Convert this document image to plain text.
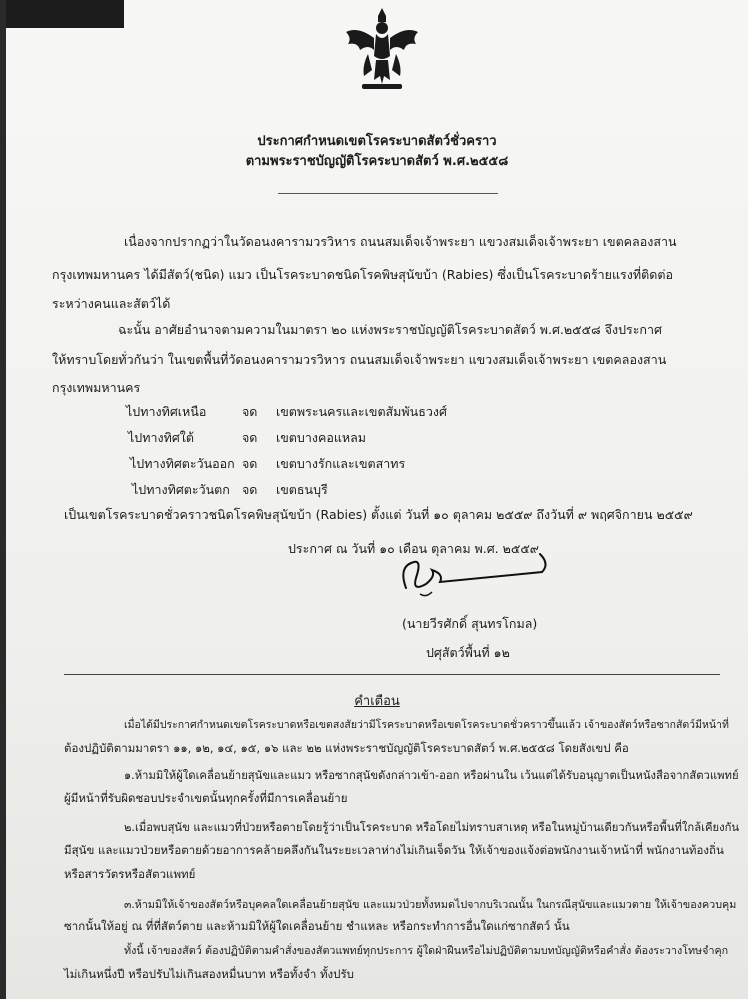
ประกาศกำหนดเขตโรคระบาดสัตว์ชั่วคราว
ตามพระราชบัญญัติโรคระบาดสัตว์ พ.ศ.๒๕๕๘
เนื่องจากปรากฏว่าในวัดอนงคารามวรวิหาร ถนนสมเด็จเจ้าพระยา แขวงสมเด็จเจ้าพระยา เขตคลองสาน
กรุงเทพมหานคร ได้มีสัตว์(ชนิด) แมว เป็นโรคระบาดชนิดโรคพิษสุนัขบ้า (Rabies) ซึ่งเป็นโรคระบาดร้ายแรงที่ติดต่อ
ระหว่างคนและสัตว์ได้
ฉะนั้น อาศัยอำนาจตามความในมาตรา ๒๐ แห่งพระราชบัญญัติโรคระบาดสัตว์ พ.ศ.๒๕๕๘ จึงประกาศ
ให้ทราบโดยทั่วกันว่า ในเขตพื้นที่วัดอนงคารามวรวิหาร ถนนสมเด็จเจ้าพระยา แขวงสมเด็จเจ้าพระยา เขตคลองสาน
กรุงเทพมหานคร
ไปทางทิศเหนือ	จด เขตพระนครและเขตสัมพันธวงศ์
ไปทางทิศใต้	จด เขตบางคอแหลม
ไปทางทิศตะวันออก จด เขตบางรักและเขตสาทร
ไปทางทิศตะวันตก จด เขตธนบุรี
เป็นเขตโรคระบาดชั่วคราวชนิดโรคพิษสุนัขบ้า (Rabies) ตั้งแต่ วันที่ ๑๐ ตุลาคม ๒๕๕๙ ถึงวันที่ ๙ พฤศจิกายน ๒๕๕๙
ประกาศ ณ วันที่ ๑๐ เดือน ตุลาคม พ.ศ. ๒๕๕๙
(นายวีรศักดิ์ สุนทรโกมล)
ปศุสัตว์พื้นที่ ๑๒
คำเตือน
เมื่อได้มีประกาศกำหนดเขตโรคระบาดหรือเขตสงสัยว่ามีโรคระบาดหรือเขตโรคระบาดชั่วคราวขึ้นแล้ว เจ้าของสัตว์หรือซากสัตว์มีหน้าที่
ต้องปฏิบัติตามมาตรา ๑๑, ๑๒, ๑๔, ๑๕, ๑๖ และ ๒๒ แห่งพระราชบัญญัติโรคระบาดสัตว์ พ.ศ.๒๕๕๘ โดยสังเขป คือ
๑.ห้ามมิให้ผู้ใดเคลื่อนย้ายสุนัขและแมว หรือซากสุนัขดังกล่าวเข้า-ออก หรือผ่านใน เว้นแต่ได้รับอนุญาตเป็นหนังสือจากสัตวแพทย์
ผู้มีหน้าที่รับผิดชอบประจำเขตนั้นทุกครั้งที่มีการเคลื่อนย้าย
๒.เมื่อพบสุนัข และแมวที่ป่วยหรือตายโดยรู้ว่าเป็นโรคระบาด หรือโดยไม่ทราบสาเหตุ หรือในหมู่บ้านเดียวกันหรือพื้นที่ใกล้เคียงกัน
มีสุนัข และแมวป่วยหรือตายด้วยอาการคล้ายคลึงกันในระยะเวลาห่างไม่เกินเจ็ดวัน ให้เจ้าของแจ้งต่อพนักงานเจ้าหน้าที่ พนักงานท้องถิ่น
หรือสารวัตรหรือสัตวแพทย์
๓.ห้ามมิให้เจ้าของสัตว์หรือบุคคลใดเคลื่อนย้ายสุนัข และแมวป่วยทั้งหมดไปจากบริเวณนั้น ในกรณีสุนัขและแมวตาย ให้เจ้าของควบคุม
ซากนั้นให้อยู่ ณ ที่ที่สัตว์ตาย และห้ามมิให้ผู้ใดเคลื่อนย้าย ชำแหละ หรือกระทำการอื่นใดแก่ซากสัตว์ นั้น
ทั้งนี้ เจ้าของสัตว์ ต้องปฏิบัติตามคำสั่งของสัตวแพทย์ทุกประการ ผู้ใดฝ่าฝืนหรือไม่ปฏิบัติตามบทบัญญัติหรือคำสั่ง ต้องระวางโทษจำคุก
ไม่เกินหนึ่งปี หรือปรับไม่เกินสองหมื่นบาท หรือทั้งจำ ทั้งปรับ
